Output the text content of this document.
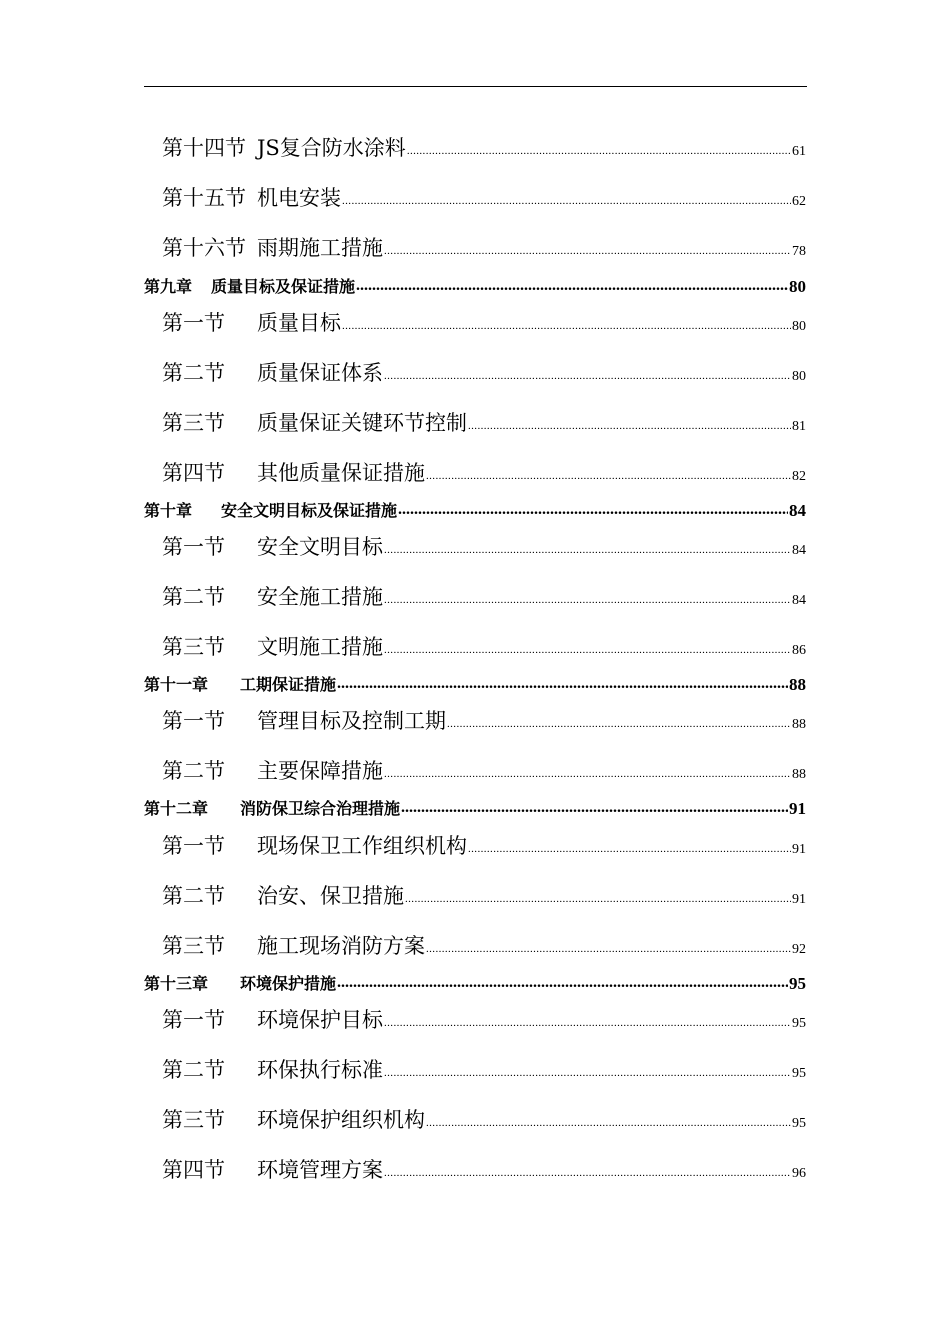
第十四节 JS复合防水涂料 .....	61
第十五节 机电安装 .....	62
第十六节 雨期施工措施 .....	78
第九章	质量目标及保证措施 .....	80
第一节	质量目标 .....	80
第二节	质量保证体系 .....	80
第三节	质量保证关键环节控制 .....	81
第四节	其他质量保证措施 .....	82
第十章	安全文明目标及保证措施 .....	84
第一节	安全文明目标 .....	84
第二节	安全施工措施 .....	84
第三节	文明施工措施 .....	86
第十一章	工期保证措施 .....	88
第一节	管理目标及控制工期 .....	88
第二节	主要保障措施 .....	88
第十二章	消防保卫综合治理措施 .....	91
第一节	现场保卫工作组织机构 .....	91
第二节	治安、保卫措施 .....	91
第三节	施工现场消防方案 .....	92
第十三章	环境保护措施 .....	95
第一节	环境保护目标 .....	95
第二节	环保执行标准 .....	95
第三节	环境保护组织机构 .....	95
第四节	环境管理方案 .....	96
